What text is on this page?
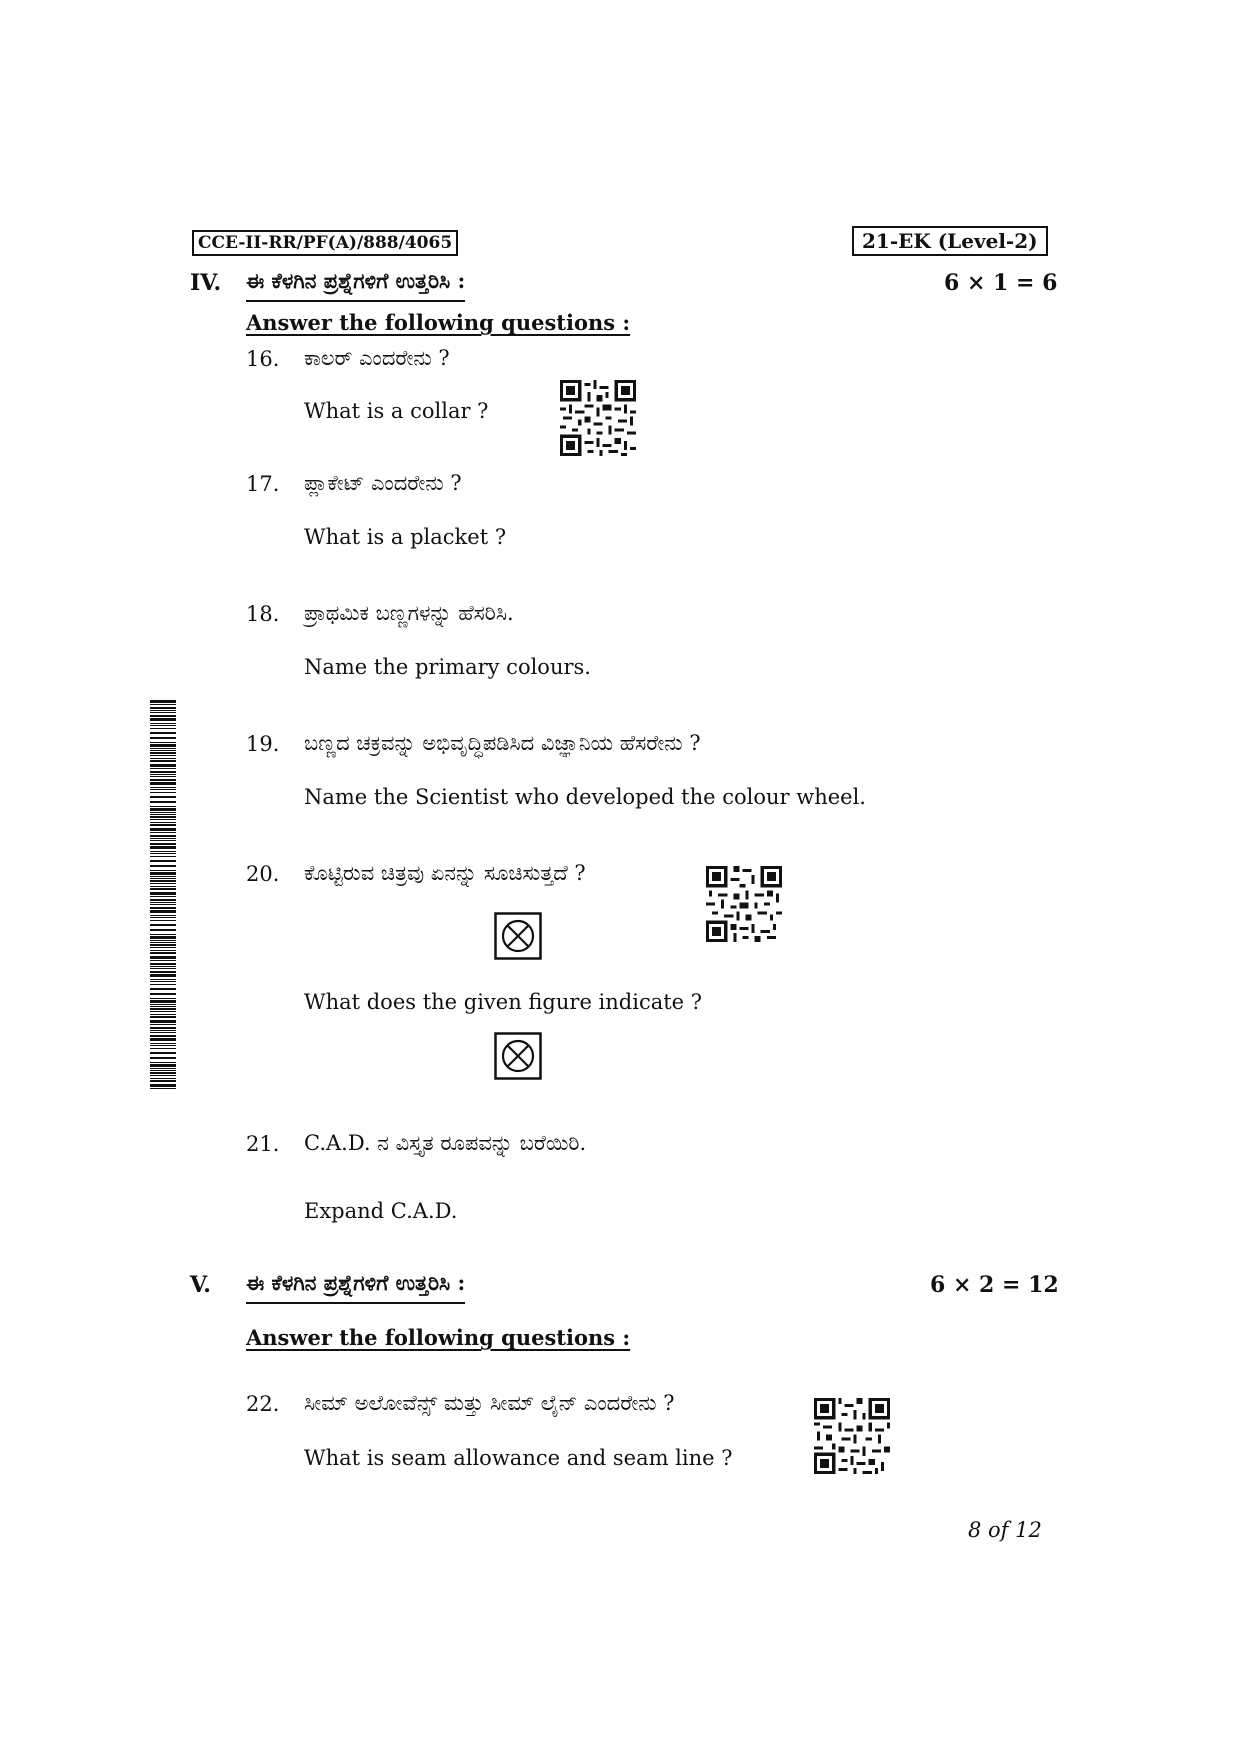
CCE-II-RR/PF(A)/888/4065	21-EK (Level-2)
IV. ಈ ಕೆಳಗಿನ ಪ್ರಶ್ನೆಗಳಿಗೆ ಉತ್ತರಿಸಿ :	6 × 1 = 6
Answer the following questions :
16. ಕಾಲರ್ ಎಂದರೇನು ?
What is a collar ?
17. ಪ್ಲಾಕೇಟ್ ಎಂದರೇನು ?
What is a placket ?
18. ಪ್ರಾಥಮಿಕ ಬಣ್ಣಗಳನ್ನು ಹೆಸರಿಸಿ.
Name the primary colours.
19. ಬಣ್ಣದ ಚಕ್ರವನ್ನು ಅಭಿವೃದ್ಧಿಪಡಿಸಿದ ವಿಜ್ಞಾನಿಯ ಹೆಸರೇನು ?
Name the Scientist who developed the colour wheel.
20. ಕೊಟ್ಟಿರುವ ಚಿತ್ರವು ಏನನ್ನು ಸೂಚಿಸುತ್ತದೆ ?
What does the given figure indicate ?
21. C.A.D. ನ ವಿಸ್ತೃತ ರೂಪವನ್ನು ಬರೆಯಿರಿ.
Expand C.A.D.
V. ಈ ಕೆಳಗಿನ ಪ್ರಶ್ನೆಗಳಿಗೆ ಉತ್ತರಿಸಿ :	6 × 2 = 12
Answer the following questions :
22. ಸೀಮ್ ಅಲೋವೆನ್ಸ್ ಮತ್ತು ಸೀಮ್ ಲೈನ್ ಎಂದರೇನು ?
What is seam allowance and seam line ?
8 of 12
